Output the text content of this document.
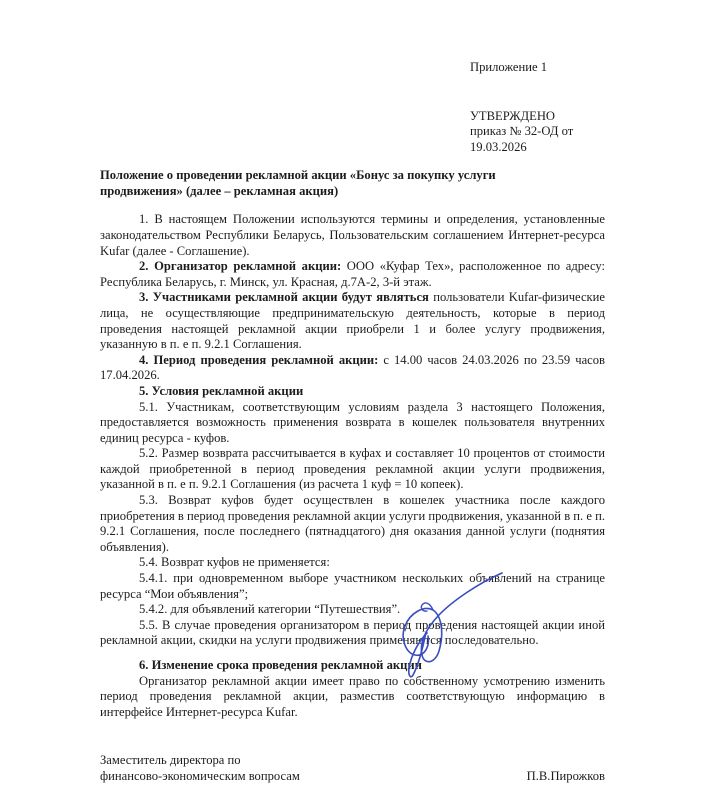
Приложение 1

УТВЕРЖДЕНО

приказ № 32-ОД от 19.03.2026

Положение о проведении рекламной акции «Бонус за покупку услуги продвижения» (далее – рекламная акция)

1. В настоящем Положении используются термины и определения, установленные законодательством Республики Беларусь, Пользовательским соглашением Интернет-ресурса Kufar (далее - Соглашение).

2. Организатор рекламной акции: ООО «Куфар Тех», расположенное по адресу: Республика Беларусь, г. Минск, ул. Красная, д.7А-2, 3-й этаж.

3. Участниками рекламной акции будут являться пользователи Kufar-физические лица, не осуществляющие предпринимательскую деятельность, которые в период проведения настоящей рекламной акции приобрели 1 и более услугу продвижения, указанную в п. е п. 9.2.1 Соглашения.

4. Период проведения рекламной акции: с 14.00 часов 24.03.2026 по 23.59 часов 17.04.2026.

5. Условия рекламной акции

5.1. Участникам, соответствующим условиям раздела 3 настоящего Положения, предоставляется возможность применения возврата в кошелек пользователя внутренних единиц ресурса - куфов.

5.2. Размер возврата рассчитывается в куфах и составляет 10 процентов от стоимости каждой приобретенной в период проведения рекламной акции услуги продвижения, указанной в п. е п. 9.2.1 Соглашения (из расчета 1 куф = 10 копеек).

5.3. Возврат куфов будет осуществлен в кошелек участника после каждого приобретения в период проведения рекламной акции услуги продвижения, указанной в п. е п. 9.2.1 Соглашения, после последнего (пятнадцатого) дня оказания данной услуги (поднятия объявления).

5.4. Возврат куфов не применяется:

5.4.1. при одновременном выборе участником нескольких объявлений на странице ресурса “Мои объявления”;

5.4.2. для объявлений категории “Путешествия”.

5.5. В случае проведения организатором в период проведения настоящей акции иной рекламной акции, скидки на услуги продвижения применяются последовательно.

6. Изменение срока проведения рекламной акции

Организатор рекламной акции имеет право по собственному усмотрению изменить период проведения рекламной акции, разместив соответствующую информацию в интерфейсе Интернет-ресурса Kufar.

Заместитель директора по

финансово-экономическим вопросам	П.В.Пирожков
